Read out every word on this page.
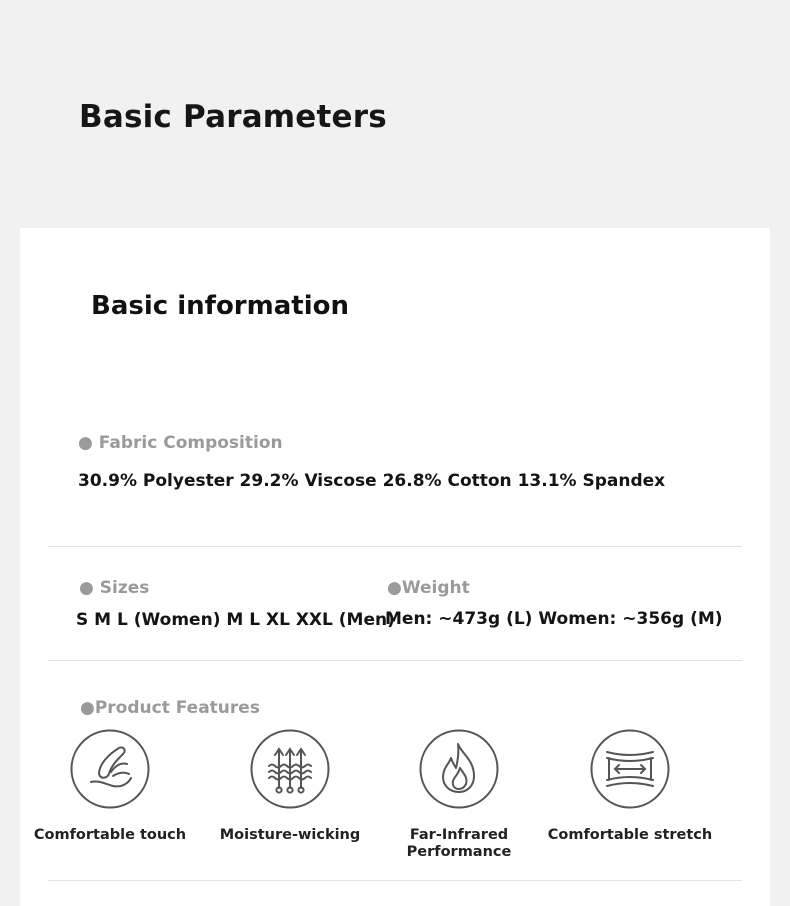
Basic Parameters
Basic information
● Fabric Composition
30.9% Polyester 29.2% Viscose 26.8% Cotton 13.1% Spandex
● Sizes
S M L (Women) M L XL XXL (Men)
●Weight
Men: ~473g (L) Women: ~356g (M)
●Product Features
Comfortable touch	Moisture-wicking	Far-Infrared
Performance
Comfortable stretch
